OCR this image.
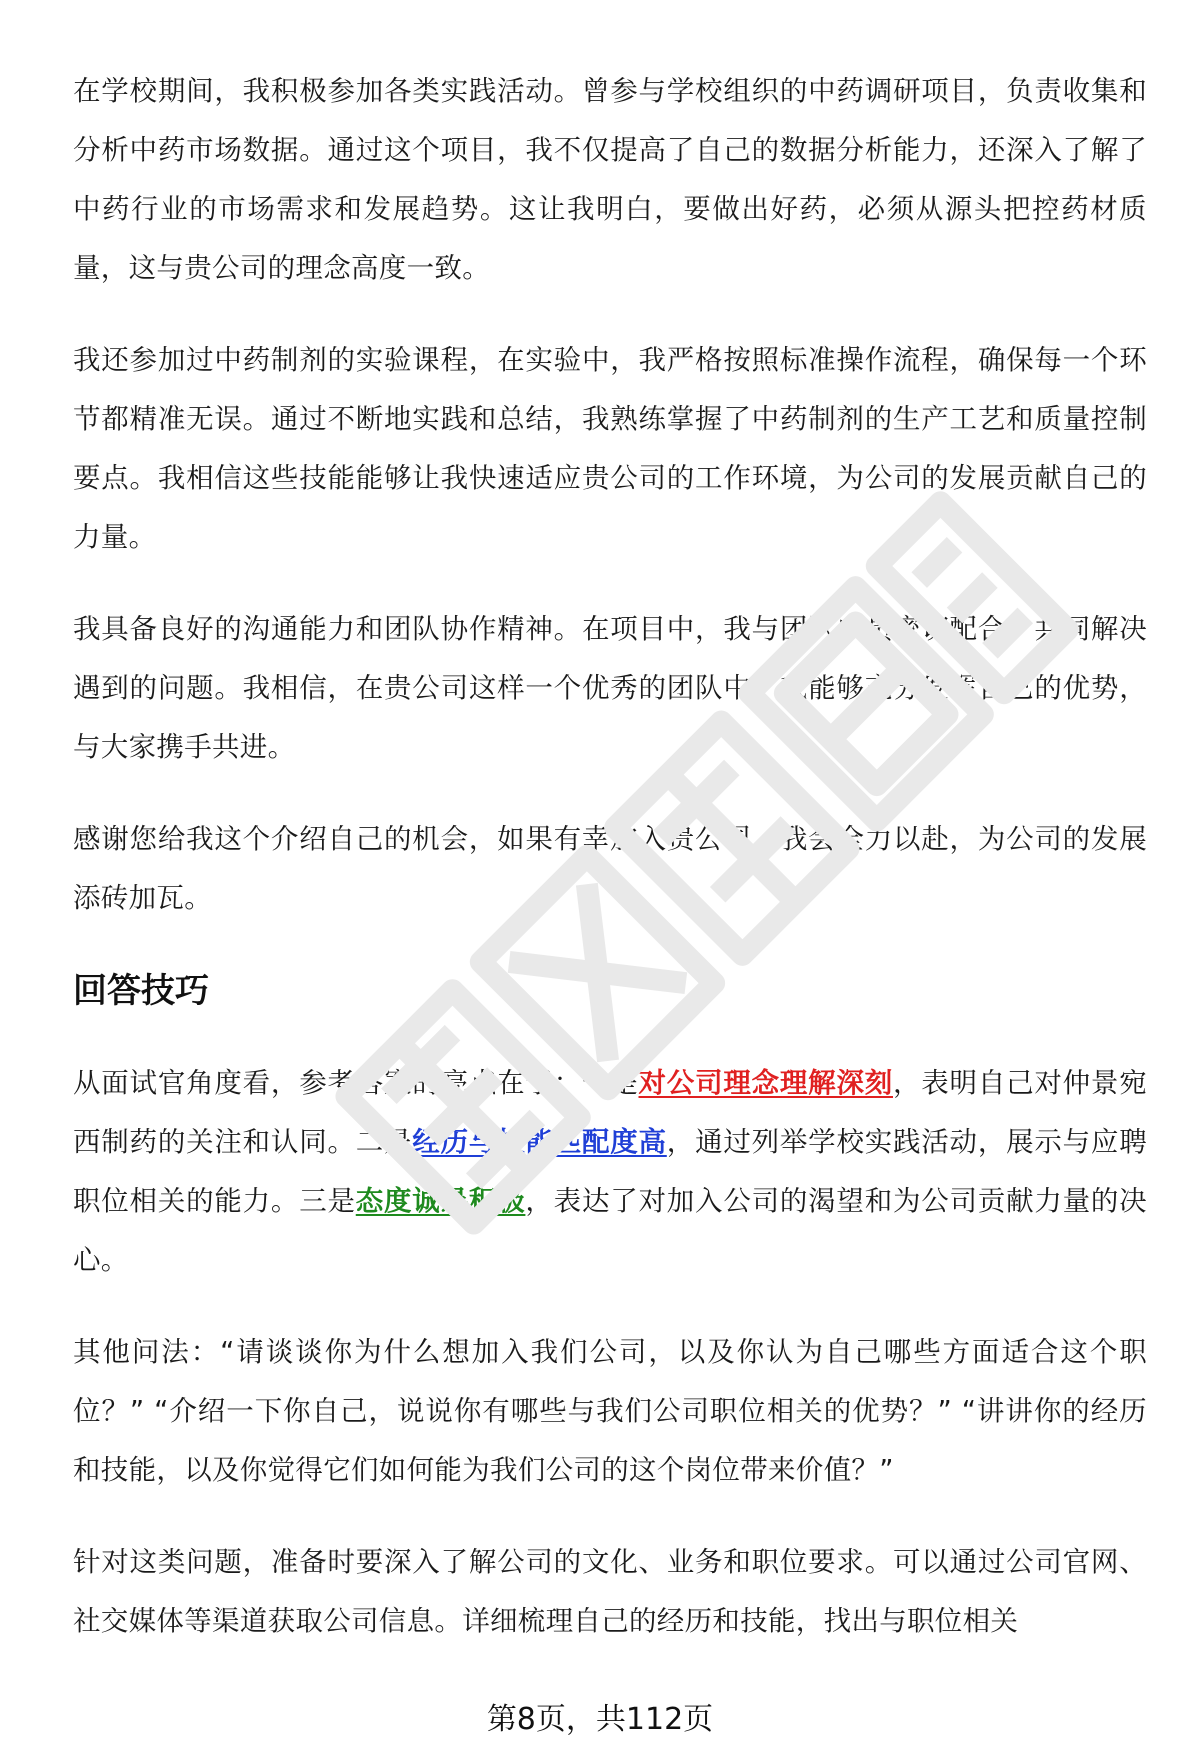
在学校期间，我积极参加各类实践活动。曾参与学校组织的中药调研项目，负责收集和分析中药市场数据。通过这个项目，我不仅提高了自己的数据分析能力，还深入了解了中药行业的市场需求和发展趋势。这让我明白，要做出好药，必须从源头把控药材质量，这与贵公司的理念高度一致。

我还参加过中药制剂的实验课程，在实验中，我严格按照标准操作流程，确保每一个环节都精准无误。通过不断地实践和总结，我熟练掌握了中药制剂的生产工艺和质量控制要点。我相信这些技能能够让我快速适应贵公司的工作环境，为公司的发展贡献自己的力量。

我具备良好的沟通能力和团队协作精神。在项目中，我与团队成员密切配合，共同解决遇到的问题。我相信，在贵公司这样一个优秀的团队中，我能够充分发挥自己的优势，与大家携手共进。

感谢您给我这个介绍自己的机会，如果有幸加入贵公司，我会全力以赴，为公司的发展添砖加瓦。

回答技巧

从面试官角度看，参考答案的亮点在于：一是对公司理念理解深刻，表明自己对仲景宛西制药的关注和认同。二是经历与技能匹配度高，通过列举学校实践活动，展示与应聘职位相关的能力。三是态度诚恳积极，表达了对加入公司的渴望和为公司贡献力量的决心。

其他问法：“请谈谈你为什么想加入我们公司，以及你认为自己哪些方面适合这个职位？” “介绍一下你自己，说说你有哪些与我们公司职位相关的优势？” “讲讲你的经历和技能，以及你觉得它们如何能为我们公司的这个岗位带来价值？”

针对这类问题，准备时要深入了解公司的文化、业务和职位要求。可以通过公司官网、社交媒体等渠道获取公司信息。详细梳理自己的经历和技能，找出与职位相关

第8页，共112页
